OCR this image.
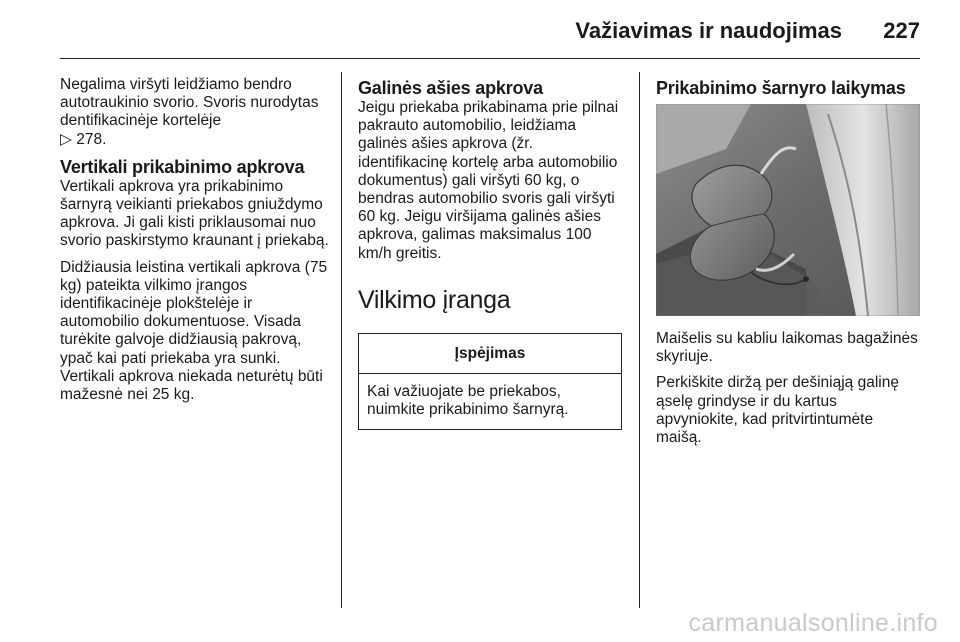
Važiavimas ir naudojimas 227

Negalima viršyti leidžiamo bendro autotraukinio svorio. Svoris nurodytas dentifikacinėje kortelėje
▷ 278.

Vertikali prikabinimo apkrova

Vertikali apkrova yra prikabinimo šarnyrą veikianti priekabos gniuždymo apkrova. Ji gali kisti priklausomai nuo svorio paskirstymo kraunant į priekabą.

Didžiausia leistina vertikali apkrova (75 kg) pateikta vilkimo įrangos identifikacinėje plokštelėje ir automobilio dokumentuose. Visada turėkite galvoje didžiausią pakrovą, ypač kai pati priekaba yra sunki. Vertikali apkrova niekada neturėtų būti mažesnė nei 25 kg.

Galinės ašies apkrova

Jeigu priekaba prikabinama prie pilnai pakrauto automobilio, leidžiama galinės ašies apkrova (žr. identifikacinę kortelę arba automobilio dokumentus) gali viršyti 60 kg, o bendras automobilio svoris gali viršyti 60 kg. Jeigu viršijama galinės ašies apkrova, galimas maksimalus 100 km/h greitis.

Vilkimo įranga
Įspėjimas
Kai važiuojate be priekabos, nuimkite prikabinimo šarnyrą.
Prikabinimo šarnyro laikymas

Maišelis su kabliu laikomas bagažinės skyriuje.

Perkiškite diržą per dešiniąją galinę ąselę grindyse ir du kartus apvyniokite, kad pritvirtintumėte maišą.

carmanualsonline.info
